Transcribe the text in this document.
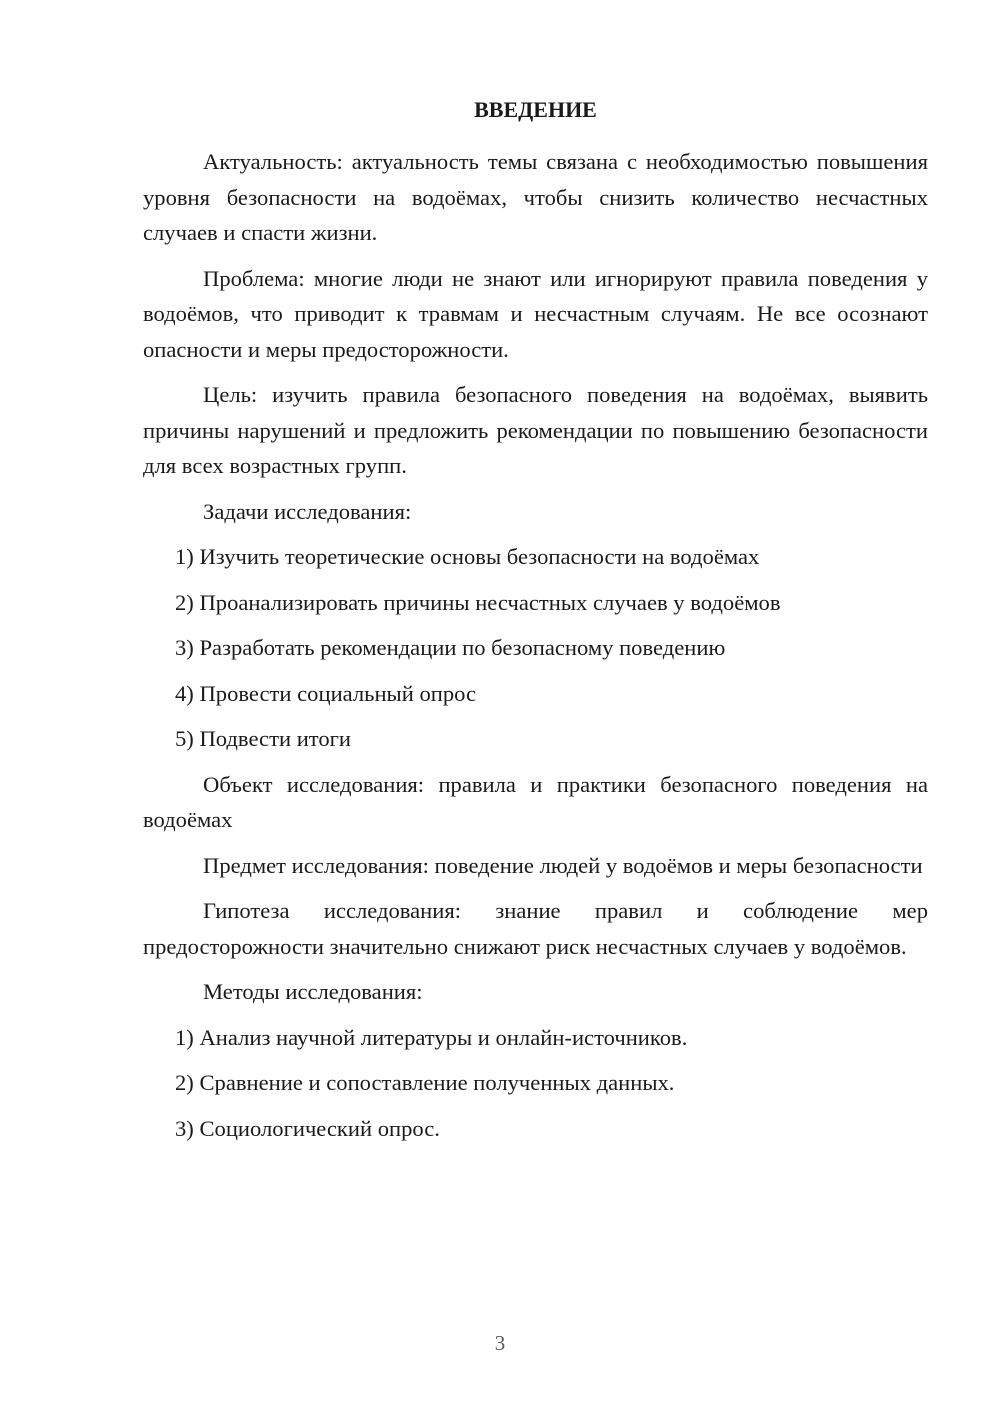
ВВЕДЕНИЕ

Актуальность: актуальность темы связана с необходимостью повышения уровня безопасности на водоёмах, чтобы снизить количество несчастных случаев и спасти жизни.

Проблема: многие люди не знают или игнорируют правила поведения у водоёмов, что приводит к травмам и несчастным случаям. Не все осознают опасности и меры предосторожности.

Цель: изучить правила безопасного поведения на водоёмах, выявить причины нарушений и предложить рекомендации по повышению безопасности для всех возрастных групп.

Задачи исследования:

1) Изучить теоретические основы безопасности на водоёмах
2) Проанализировать причины несчастных случаев у водоёмов
3) Разработать рекомендации по безопасному поведению
4) Провести социальный опрос
5) Подвести итоги

Объект исследования: правила и практики безопасного поведения на водоёмах

Предмет исследования: поведение людей у водоёмов и меры безопасности

Гипотеза исследования: знание правил и соблюдение мер предосторожности значительно снижают риск несчастных случаев у водоёмов.

Методы исследования:

1) Анализ научной литературы и онлайн-источников.
2) Сравнение и сопоставление полученных данных.
3) Социологический опрос.
3
